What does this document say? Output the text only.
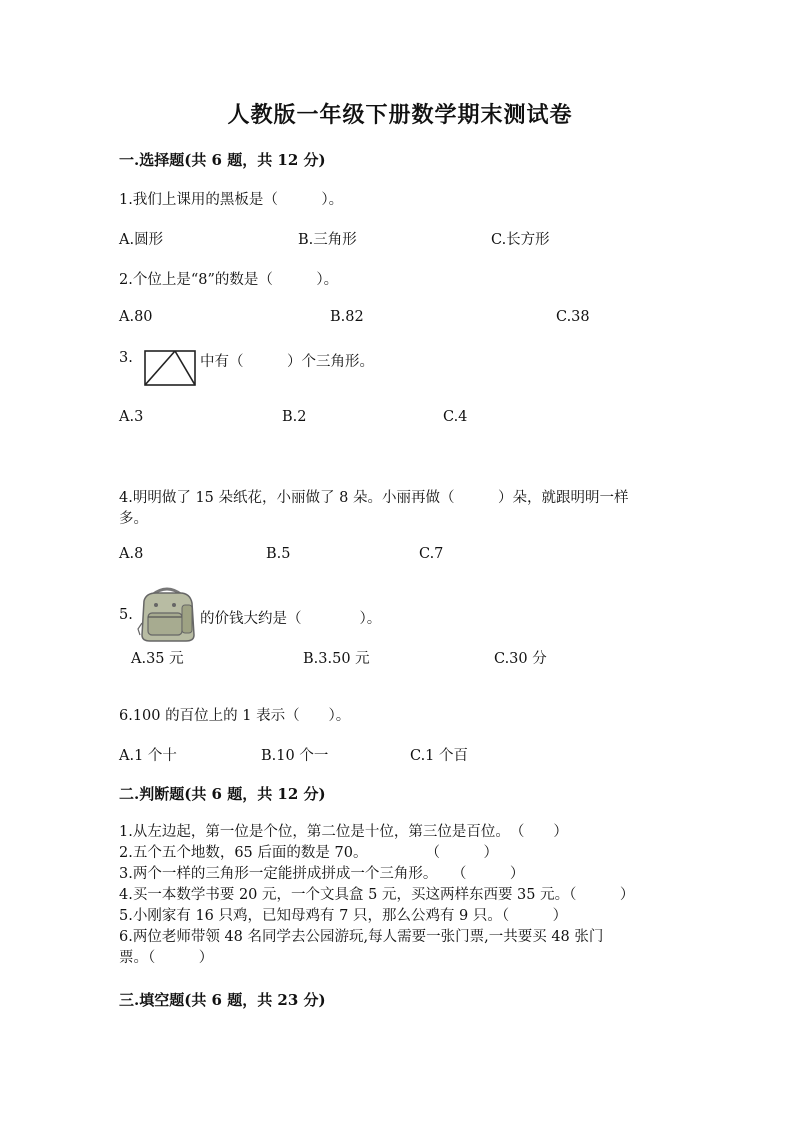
人教版一年级下册数学期末测试卷
一.选择题(共 6 题，共 12 分)
1.我们上课用的黑板是（　　　）。
A.圆形	B.三角形	C.长方形
2.个位上是“8”的数是（　　　）。
A.80	B.82	C.38
3.	中有（　　　）个三角形。
A.3	B.2	C.4
4.明明做了 15 朵纸花，小丽做了 8 朵。小丽再做（　　　）朵，就跟明明一样
多。
A.8	B.5	C.7
5.	的价钱大约是（　　　　）。
A.35 元	B.3.50 元	C.30 分
6.100 的百位上的 1 表示（　　）。
A.1 个十	B.10 个一	C.1 个百
二.判断题(共 6 题，共 12 分)
1.从左边起，第一位是个位，第二位是十位，第三位是百位。　（　　）
2.五个五个地数，65 后面的数是 70。　　　　　（　　　）
3.两个一样的三角形一定能拼成拼成一个三角形。　　（　　　）
4.买一本数学书要 20 元，一个文具盒 5 元，买这两样东西要 35 元。（　　　）
5.小刚家有 16 只鸡，已知母鸡有 7 只，那么公鸡有 9 只。（　　　）
6.两位老师带领 48 名同学去公园游玩,每人需要一张门票,一共要买 48 张门
票。（　　　）
三.填空题(共 6 题，共 23 分)
